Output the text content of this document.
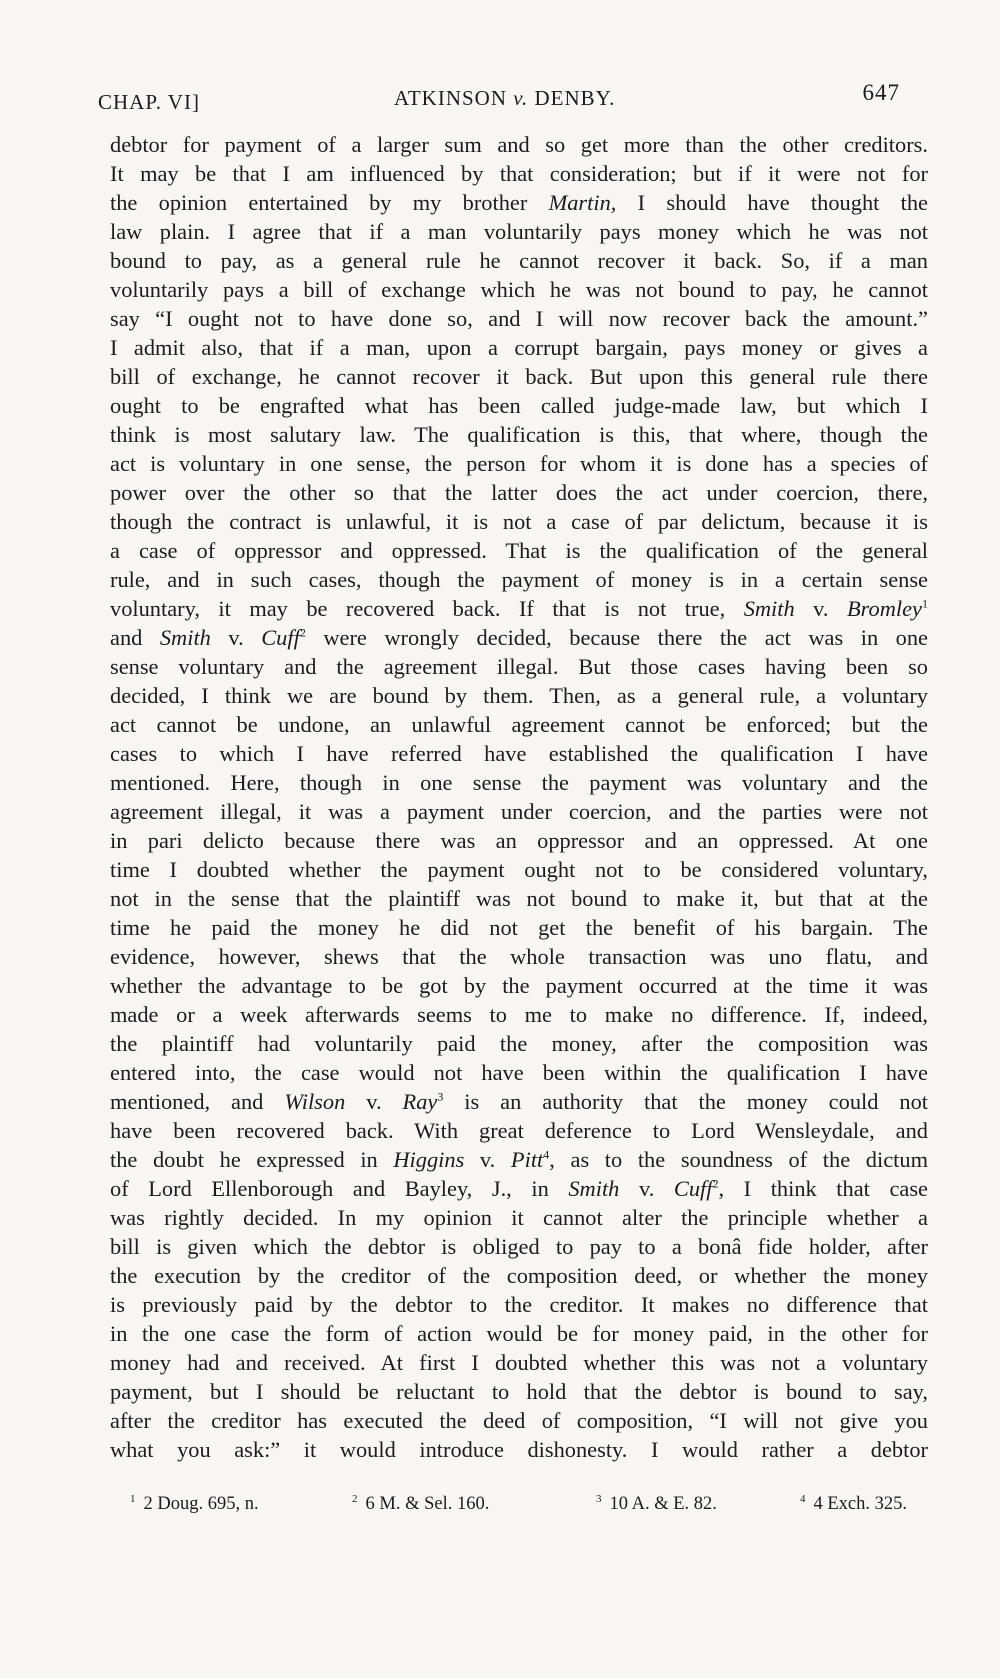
CHAP. VI]	ATKINSON v. DENBY.	647
debtor for payment of a larger sum and so get more than the other creditors.
It may be that I am influenced by that consideration; but if it were not for
the opinion entertained by my brother Martin, I should have thought the
law plain. I agree that if a man voluntarily pays money which he was not
bound to pay, as a general rule he cannot recover it back. So, if a man
voluntarily pays a bill of exchange which he was not bound to pay, he cannot
say “I ought not to have done so, and I will now recover back the amount.”
I admit also, that if a man, upon a corrupt bargain, pays money or gives a
bill of exchange, he cannot recover it back. But upon this general rule there
ought to be engrafted what has been called judge-made law, but which I
think is most salutary law. The qualification is this, that where, though the
act is voluntary in one sense, the person for whom it is done has a species of
power over the other so that the latter does the act under coercion, there,
though the contract is unlawful, it is not a case of par delictum, because it is
a case of oppressor and oppressed. That is the qualification of the general
rule, and in such cases, though the payment of money is in a certain sense
voluntary, it may be recovered back. If that is not true, Smith v. Bromley$^1$
and Smith v. Cuff$^2$ were wrongly decided, because there the act was in one
sense voluntary and the agreement illegal. But those cases having been so
decided, I think we are bound by them. Then, as a general rule, a voluntary
act cannot be undone, an unlawful agreement cannot be enforced; but the
cases to which I have referred have established the qualification I have
mentioned. Here, though in one sense the payment was voluntary and the
agreement illegal, it was a payment under coercion, and the parties were not
in pari delicto because there was an oppressor and an oppressed. At one
time I doubted whether the payment ought not to be considered voluntary,
not in the sense that the plaintiff was not bound to make it, but that at the
time he paid the money he did not get the benefit of his bargain. The
evidence, however, shews that the whole transaction was uno flatu, and
whether the advantage to be got by the payment occurred at the time it was
made or a week afterwards seems to me to make no difference. If, indeed,
the plaintiff had voluntarily paid the money, after the composition was
entered into, the case would not have been within the qualification I have
mentioned, and Wilson v. Ray$^3$ is an authority that the money could not
have been recovered back. With great deference to Lord Wensleydale, and
the doubt he expressed in Higgins v. Pitt$^4$, as to the soundness of the dictum
of Lord Ellenborough and Bayley, J., in Smith v. Cuff$^2$, I think that case
was rightly decided. In my opinion it cannot alter the principle whether a
bill is given which the debtor is obliged to pay to a bonâ fide holder, after
the execution by the creditor of the composition deed, or whether the money
is previously paid by the debtor to the creditor. It makes no difference that
in the one case the form of action would be for money paid, in the other for
money had and received. At first I doubted whether this was not a voluntary
payment, but I should be reluctant to hold that the debtor is bound to say,
after the creditor has executed the deed of composition, “I will not give you
what you ask:” it would introduce dishonesty. I would rather a debtor
$^1$ 2 Doug. 695, n.	$^2$ 6 M. & Sel. 160.	$^3$ 10 A. & E. 82.	$^4$ 4 Exch. 325.
